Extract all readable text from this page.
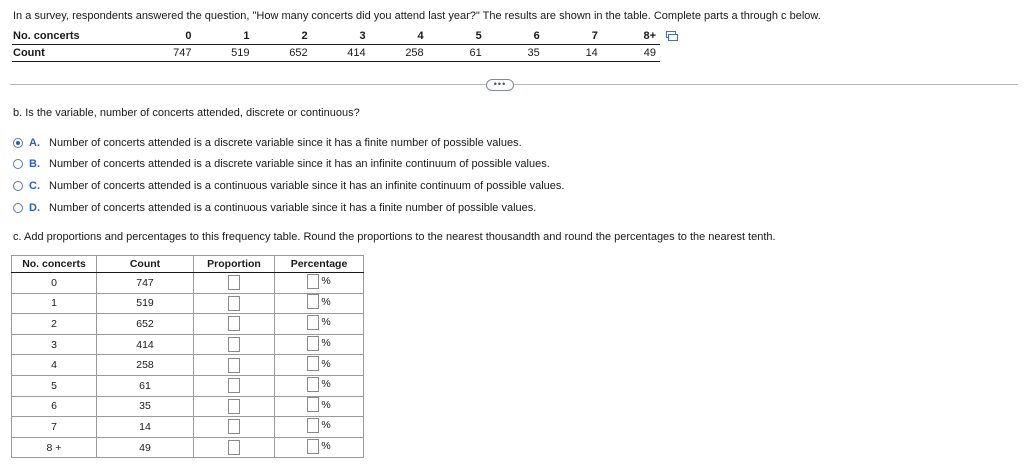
In a survey, respondents answered the question, "How many concerts did you attend last year?" The results are shown in the table. Complete parts a through c below.
No. concerts	0	1	2	3	4	5	6	7	8+
Count	747	519	652	414	258	61	35	14	49
•••
b. Is the variable, number of concerts attended, discrete or continuous?
A. Number of concerts attended is a discrete variable since it has a finite number of possible values.
B. Number of concerts attended is a discrete variable since it has an infinite continuum of possible values.
C. Number of concerts attended is a continuous variable since it has an infinite continuum of possible values.
D. Number of concerts attended is a continuous variable since it has a finite number of possible values.
c. Add proportions and percentages to this frequency table. Round the proportions to the nearest thousandth and round the percentages to the nearest tenth.
No. concerts	Count	Proportion	Percentage
0	747		%

1	519		%

2	652		%

3	414		%

4	258		%

5	61		%

6	35		%

7	14		%

8 +	49		%
